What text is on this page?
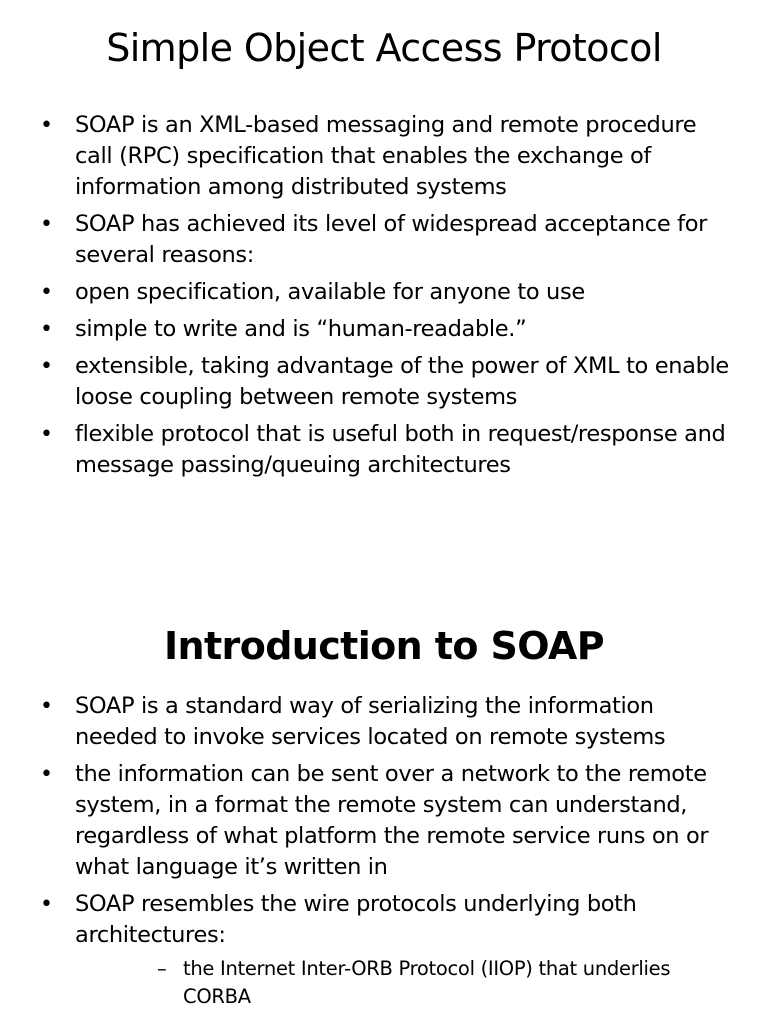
Simple Object Access Protocol
• SOAP is an XML-based messaging and remote procedure call (RPC) specification that enables the exchange of information among distributed systems
• SOAP has achieved its level of widespread acceptance for several reasons:
• open specification, available for anyone to use
• simple to write and is “human-readable.”
• extensible, taking advantage of the power of XML to enable loose coupling between remote systems
• flexible protocol that is useful both in request/response and message passing/queuing architectures
Introduction to SOAP
• SOAP is a standard way of serializing the information needed to invoke services located on remote systems
• the information can be sent over a network to the remote system, in a format the remote system can understand, regardless of what platform the remote service runs on or what language it’s written in
• SOAP resembles the wire protocols underlying both architectures:
– the Internet Inter-ORB Protocol (IIOP) that underlies CORBA
